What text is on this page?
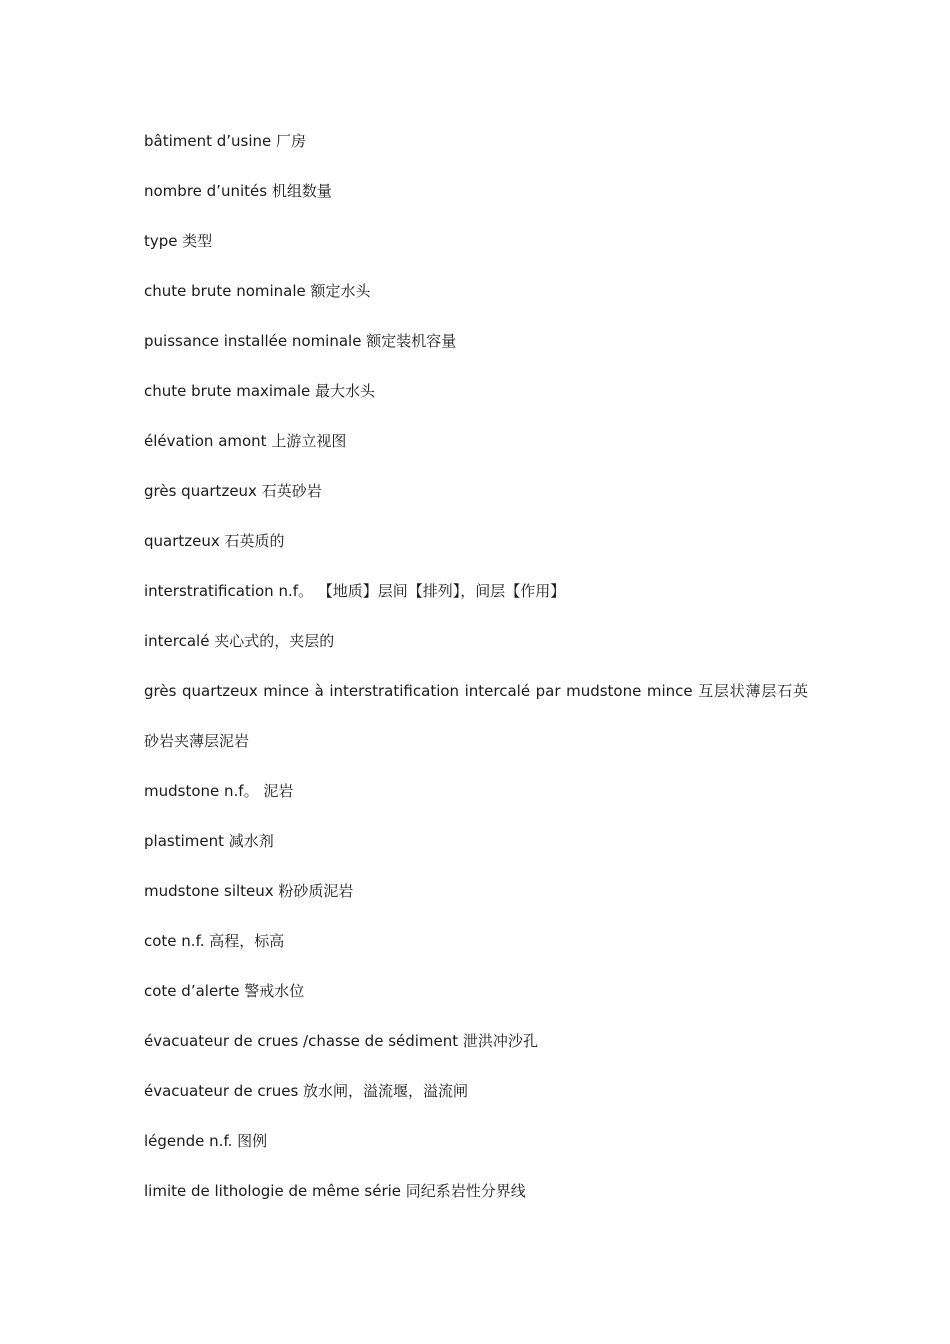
bâtiment d’usine 厂房
nombre d’unités 机组数量
type 类型
chute brute nominale 额定水头
puissance installée nominale 额定装机容量
chute brute maximale 最大水头
élévation amont 上游立视图
grès quartzeux 石英砂岩
quartzeux 石英质的
interstratification n.f。 【地质】层间【排列】，间层【作用】
intercalé 夹心式的，夹层的
grès quartzeux mince à interstratification intercalé par mudstone mince 互层状薄层石英
砂岩夹薄层泥岩
mudstone n.f。 泥岩
plastiment 减水剂
mudstone silteux 粉砂质泥岩
cote n.f. 高程，标高
cote d’alerte 警戒水位
évacuateur de crues /chasse de sédiment 泄洪冲沙孔
évacuateur de crues 放水闸，溢流堰，溢流闸
légende n.f. 图例
limite de lithologie de même série 同纪系岩性分界线
